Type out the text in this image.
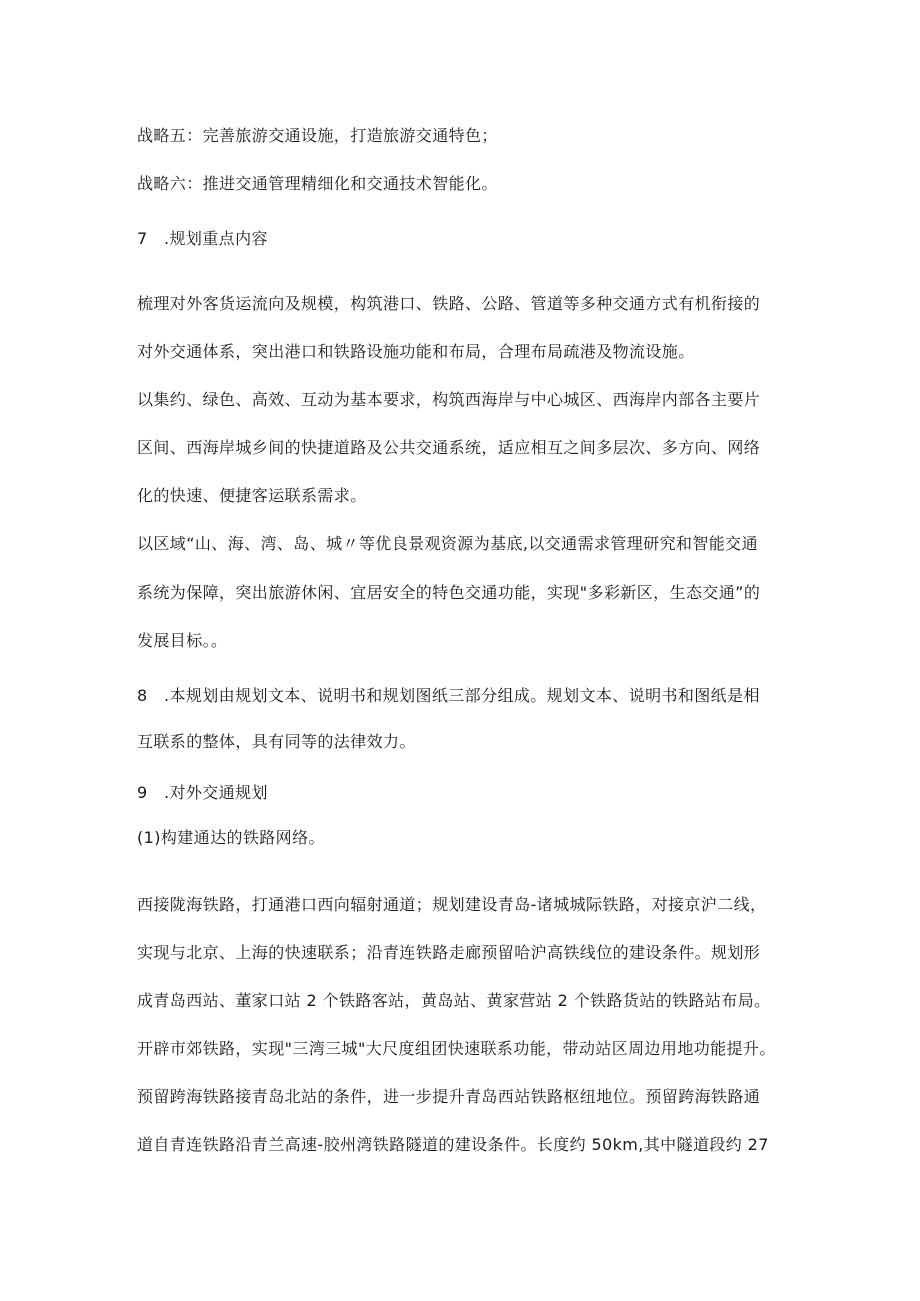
战略五：完善旅游交通设施，打造旅游交通特色；
战略六：推进交通管理精细化和交通技术智能化。
7　.规划重点内容
梳理对外客货运流向及规模，构筑港口、铁路、公路、管道等多种交通方式有机衔接的
对外交通体系，突出港口和铁路设施功能和布局，合理布局疏港及物流设施。
以集约、绿色、高效、互动为基本要求，构筑西海岸与中心城区、西海岸内部各主要片
区间、西海岸城乡间的快捷道路及公共交通系统，适应相互之间多层次、多方向、网络
化的快速、便捷客运联系需求。
以区域“山、海、湾、岛、城〃等优良景观资源为基底,以交通需求管理研究和智能交通
系统为保障，突出旅游休闲、宜居安全的特色交通功能，实现"多彩新区，生态交通”的
发展目标。。
8　.本规划由规划文本、说明书和规划图纸三部分组成。规划文本、说明书和图纸是相
互联系的整体，具有同等的法律效力。
9　.对外交通规划
(1)构建通达的铁路网络。
西接陇海铁路，打通港口西向辐射通道；规划建设青岛-诸城城际铁路，对接京沪二线，
实现与北京、上海的快速联系；沿青连铁路走廊预留哈沪高铁线位的建设条件。规划形
成青岛西站、董家口站 2 个铁路客站，黄岛站、黄家营站 2 个铁路货站的铁路站布局。
开辟市郊铁路，实现"三湾三城"大尺度组团快速联系功能，带动站区周边用地功能提升。
预留跨海铁路接青岛北站的条件，进一步提升青岛西站铁路枢纽地位。预留跨海铁路通
道自青连铁路沿青兰高速-胶州湾铁路隧道的建设条件。长度约 50km,其中隧道段约 27
